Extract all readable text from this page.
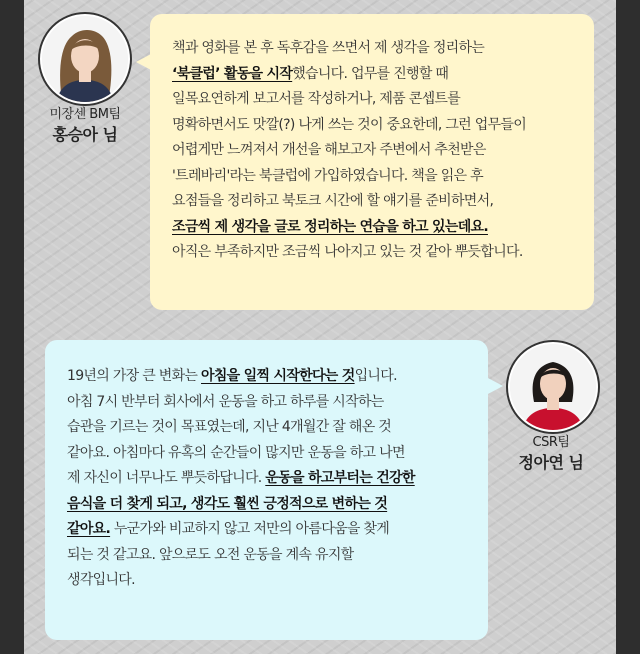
미장센 BM팀
홍승아 님
책과 영화를 본 후 독후감을 쓰면서 제 생각을 정리하는
‘북클럽’ 활동을 시작했습니다. 업무를 진행할 때
일목요연하게 보고서를 작성하거나, 제품 콘셉트를
명확하면서도 맛깔(?) 나게 쓰는 것이 중요한데, 그런 업무들이
어렵게만 느껴져서 개선을 해보고자 주변에서 추천받은
'트레바리'라는 북클럽에 가입하였습니다. 책을 읽은 후
요점들을 정리하고 북토크 시간에 할 얘기를 준비하면서,
조금씩 제 생각을 글로 정리하는 연습을 하고 있는데요.
아직은 부족하지만 조금씩 나아지고 있는 것 같아 뿌듯합니다.
CSR팀
정아연 님
19년의 가장 큰 변화는 아침을 일찍 시작한다는 것입니다.
아침 7시 반부터 회사에서 운동을 하고 하루를 시작하는
습관을 기르는 것이 목표였는데, 지난 4개월간 잘 해온 것
같아요. 아침마다 유혹의 순간들이 많지만 운동을 하고 나면
제 자신이 너무나도 뿌듯하답니다. 운동을 하고부터는 건강한
음식을 더 찾게 되고, 생각도 훨씬 긍정적으로 변하는 것
같아요. 누군가와 비교하지 않고 저만의 아름다움을 찾게
되는 것 같고요. 앞으로도 오전 운동을 계속 유지할
생각입니다.
